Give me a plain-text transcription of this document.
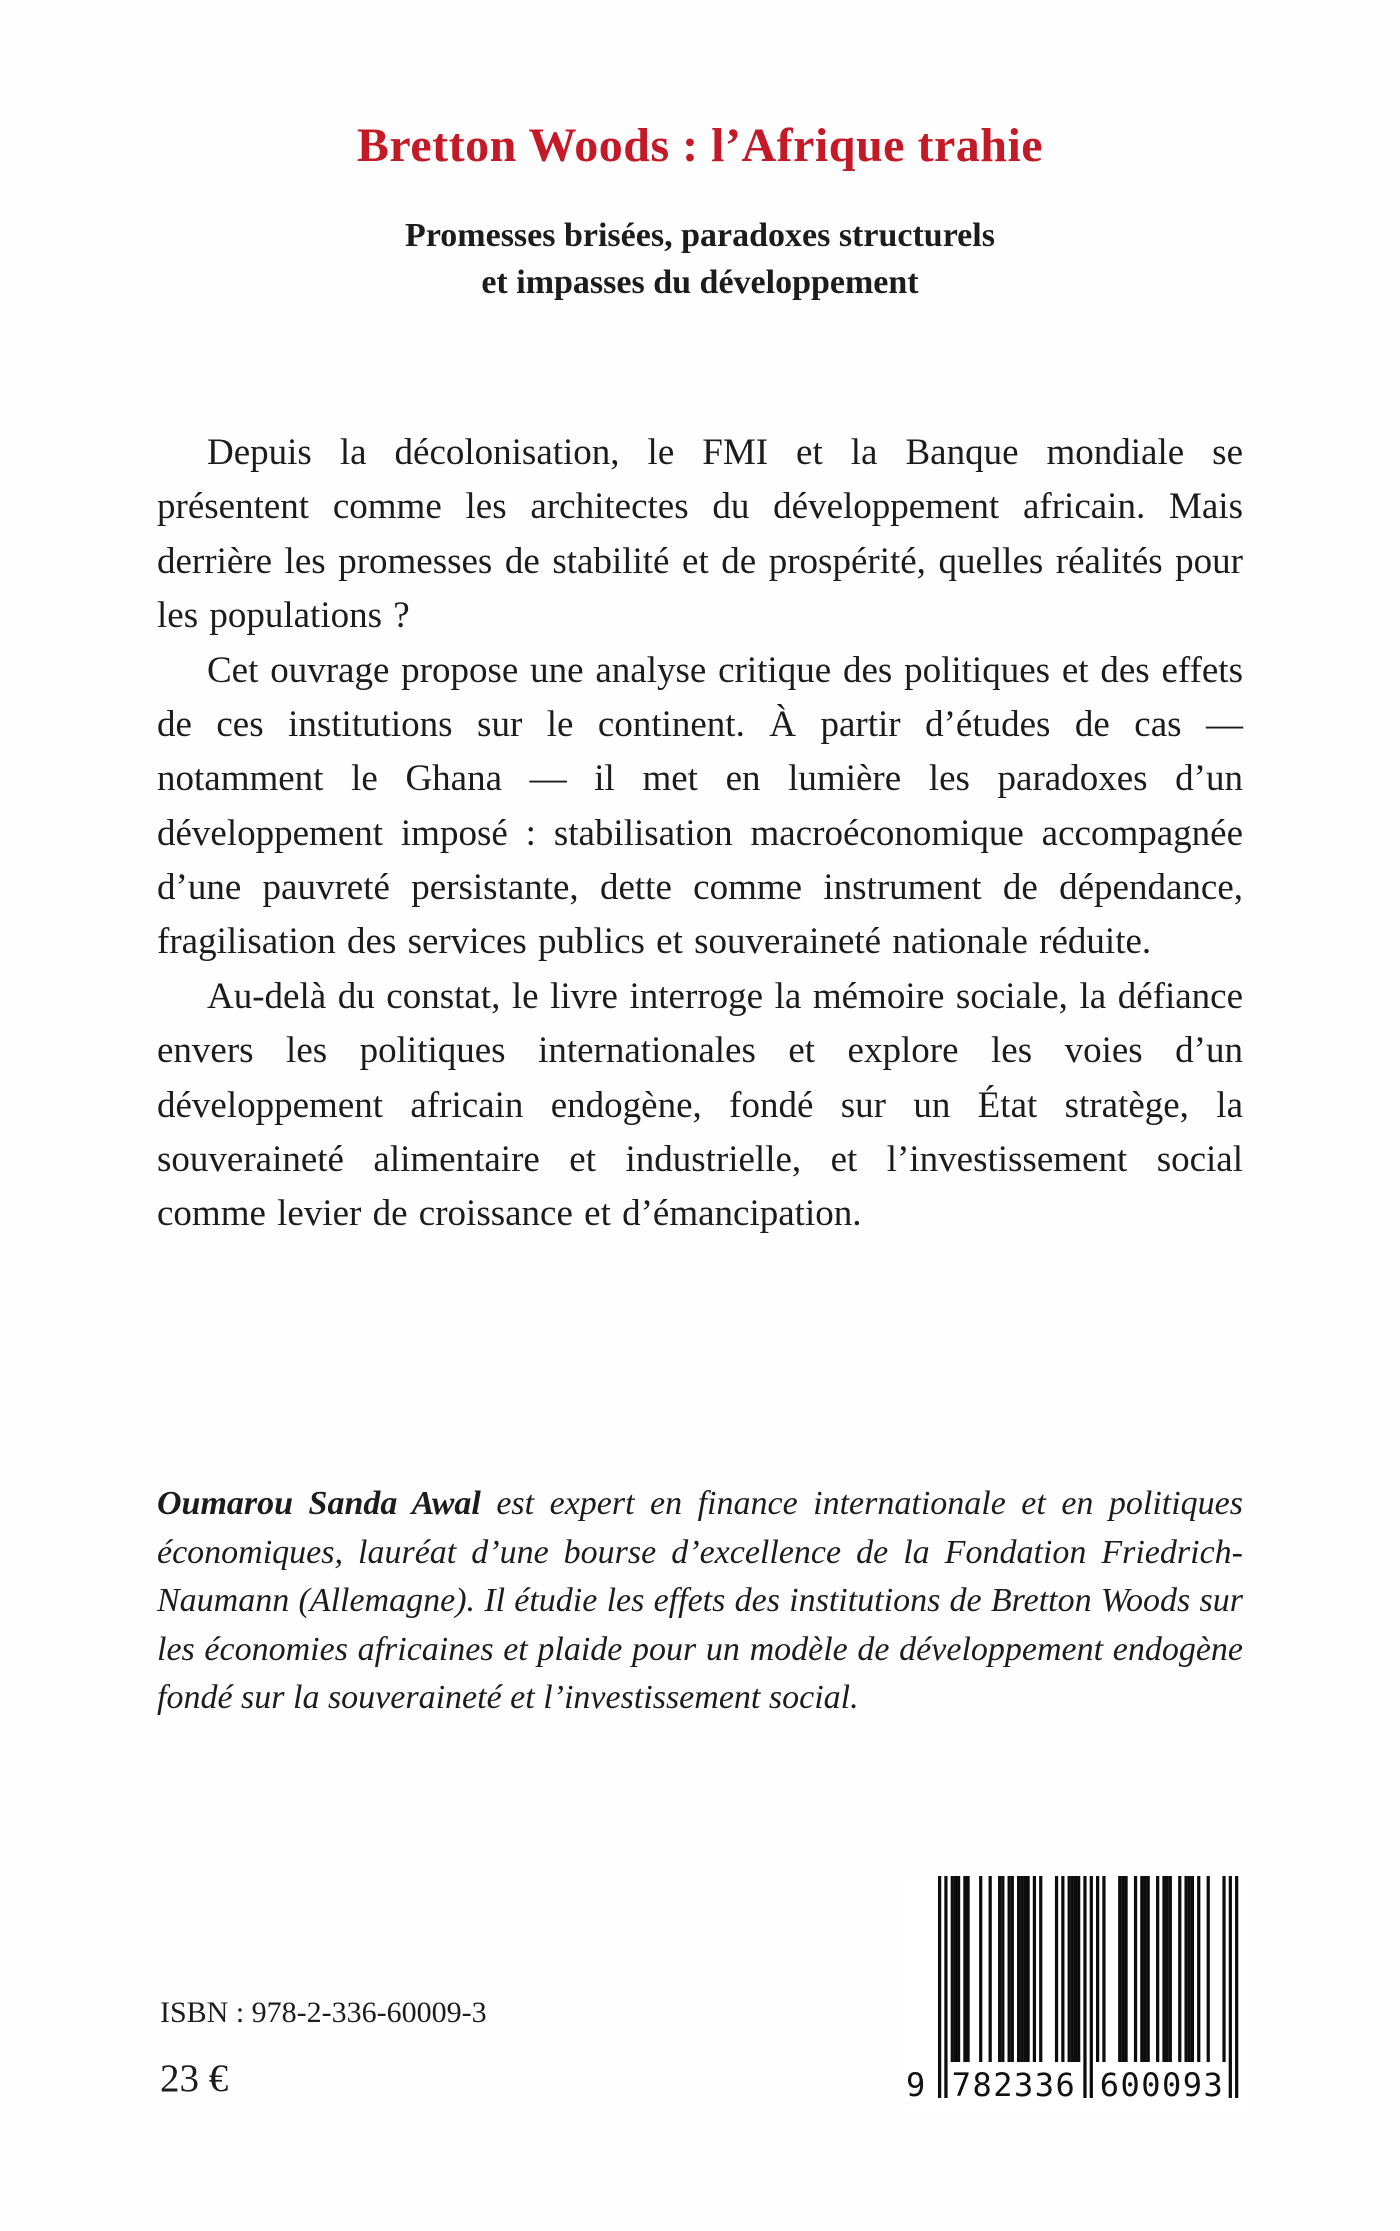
Bretton Woods : l’Afrique trahie
Promesses brisées, paradoxes structurels
et impasses du développement

Depuis la décolonisation, le FMI et la Banque mondiale se présentent comme les architectes du développement africain. Mais derrière les promesses de stabilité et de prospérité, quelles réalités pour les populations ?

Cet ouvrage propose une analyse critique des politiques et des effets de ces institutions sur le continent. À partir d’études de cas — notamment le Ghana — il met en lumière les paradoxes d’un développement imposé : stabilisation macroéconomique accompagnée d’une pauvreté persistante, dette comme instrument de dépendance, fragilisation des services publics et souveraineté nationale réduite.

Au-delà du constat, le livre interroge la mémoire sociale, la défiance envers les politiques internationales et explore les voies d’un développement africain endogène, fondé sur un État stratège, la souveraineté alimentaire et industrielle, et l’investissement social comme levier de croissance et d’émancipation.

Oumarou Sanda Awal est expert en finance internationale et en politiques économiques, lauréat d’une bourse d’excellence de la Fondation Friedrich-Naumann (Allemagne). Il étudie les effets des institutions de Bretton Woods sur les économies africaines et plaide pour un modèle de développement endogène fondé sur la souveraineté et l’investissement social.

ISBN : 978-2-336-60009-3
23 €	9 782336 600093
